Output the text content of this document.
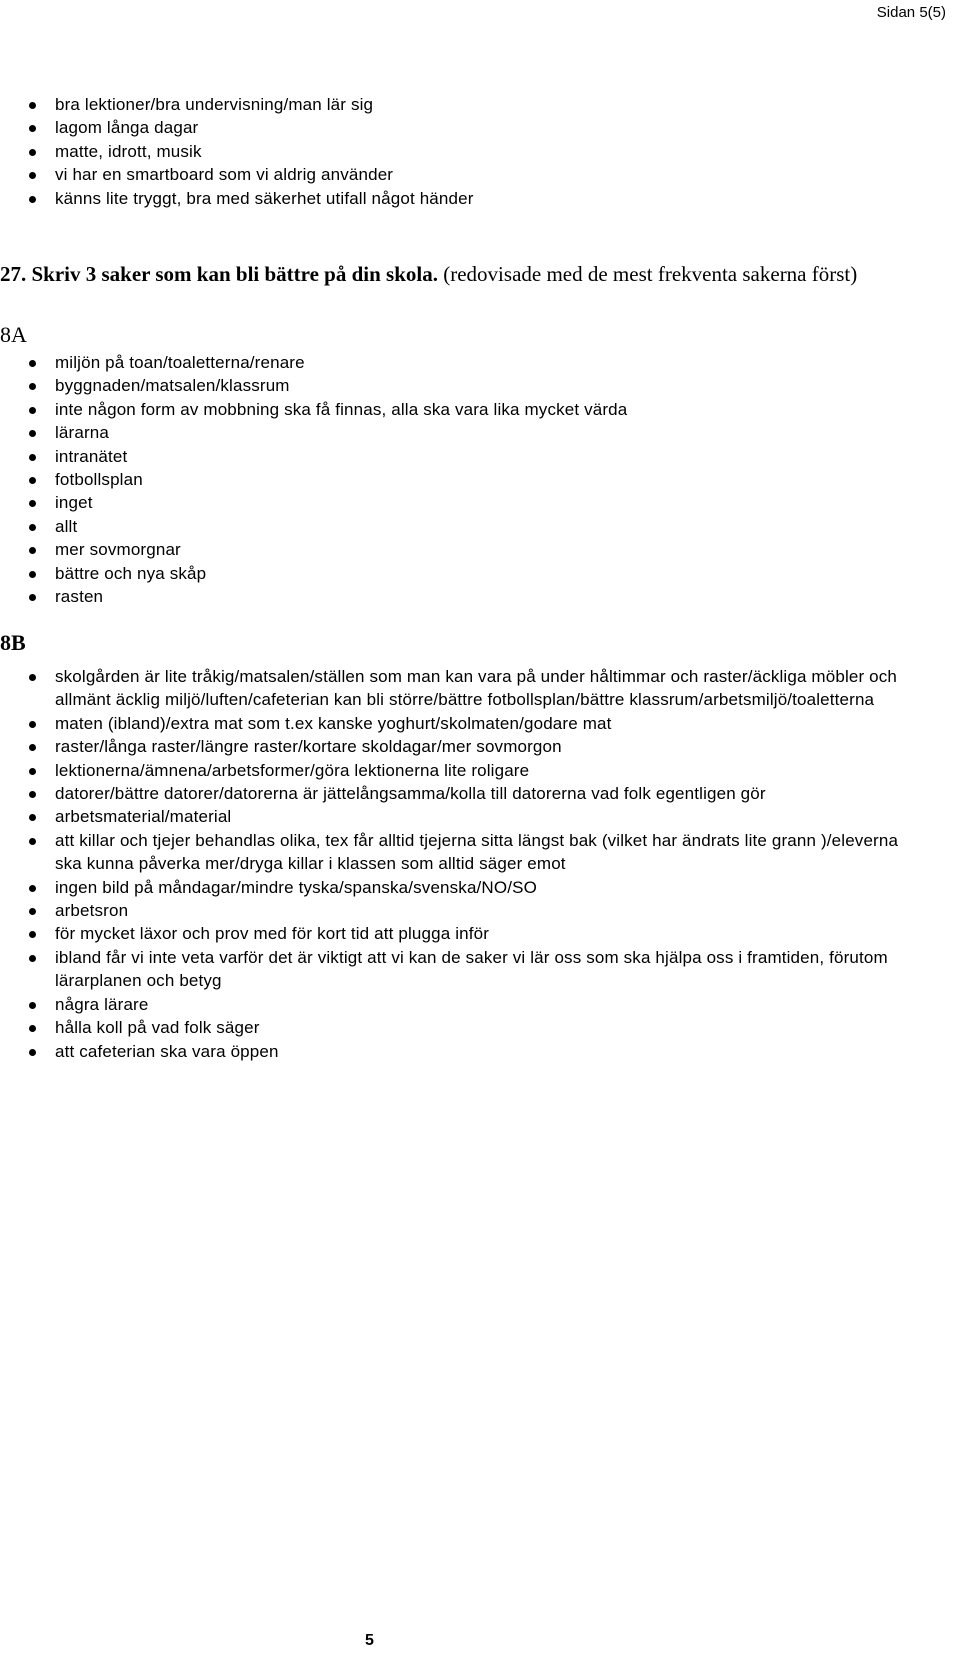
Sidan 5(5)
bra lektioner/bra undervisning/man lär sig
lagom långa dagar
matte, idrott, musik
vi har en smartboard som vi aldrig använder
känns lite tryggt, bra med säkerhet utifall något händer
27. Skriv 3 saker som kan bli bättre på din skola. (redovisade med de mest frekventa sakerna först)
8A
miljön på toan/toaletterna/renare
byggnaden/matsalen/klassrum
inte någon form av mobbning ska få finnas, alla ska vara lika mycket värda
lärarna
intranätet
fotbollsplan
inget
allt
mer sovmorgnar
bättre och nya skåp
rasten
8B
skolgården är lite tråkig/matsalen/ställen som man kan vara på under håltimmar och raster/äckliga möbler och allmänt äcklig miljö/luften/cafeterian kan bli större/bättre fotbollsplan/bättre klassrum/arbetsmiljö/toaletterna
maten (ibland)/extra mat som t.ex kanske yoghurt/skolmaten/godare mat
raster/långa raster/längre raster/kortare skoldagar/mer sovmorgon
lektionerna/ämnena/arbetsformer/göra lektionerna lite roligare
datorer/bättre datorer/datorerna är jättelångsamma/kolla till datorerna vad folk egentligen gör
arbetsmaterial/material
att killar och tjejer behandlas olika, tex får alltid tjejerna sitta längst bak (vilket har ändrats lite grann )/eleverna ska kunna påverka mer/dryga killar i klassen som alltid säger emot
ingen bild på måndagar/mindre tyska/spanska/svenska/NO/SO
arbetsron
för mycket läxor och prov med för kort tid att plugga inför
ibland får vi inte veta varför det är viktigt att vi kan de saker vi lär oss som ska hjälpa oss i framtiden, förutom lärarplanen och betyg
några lärare
hålla koll på vad folk säger
att cafeterian ska vara öppen
5
